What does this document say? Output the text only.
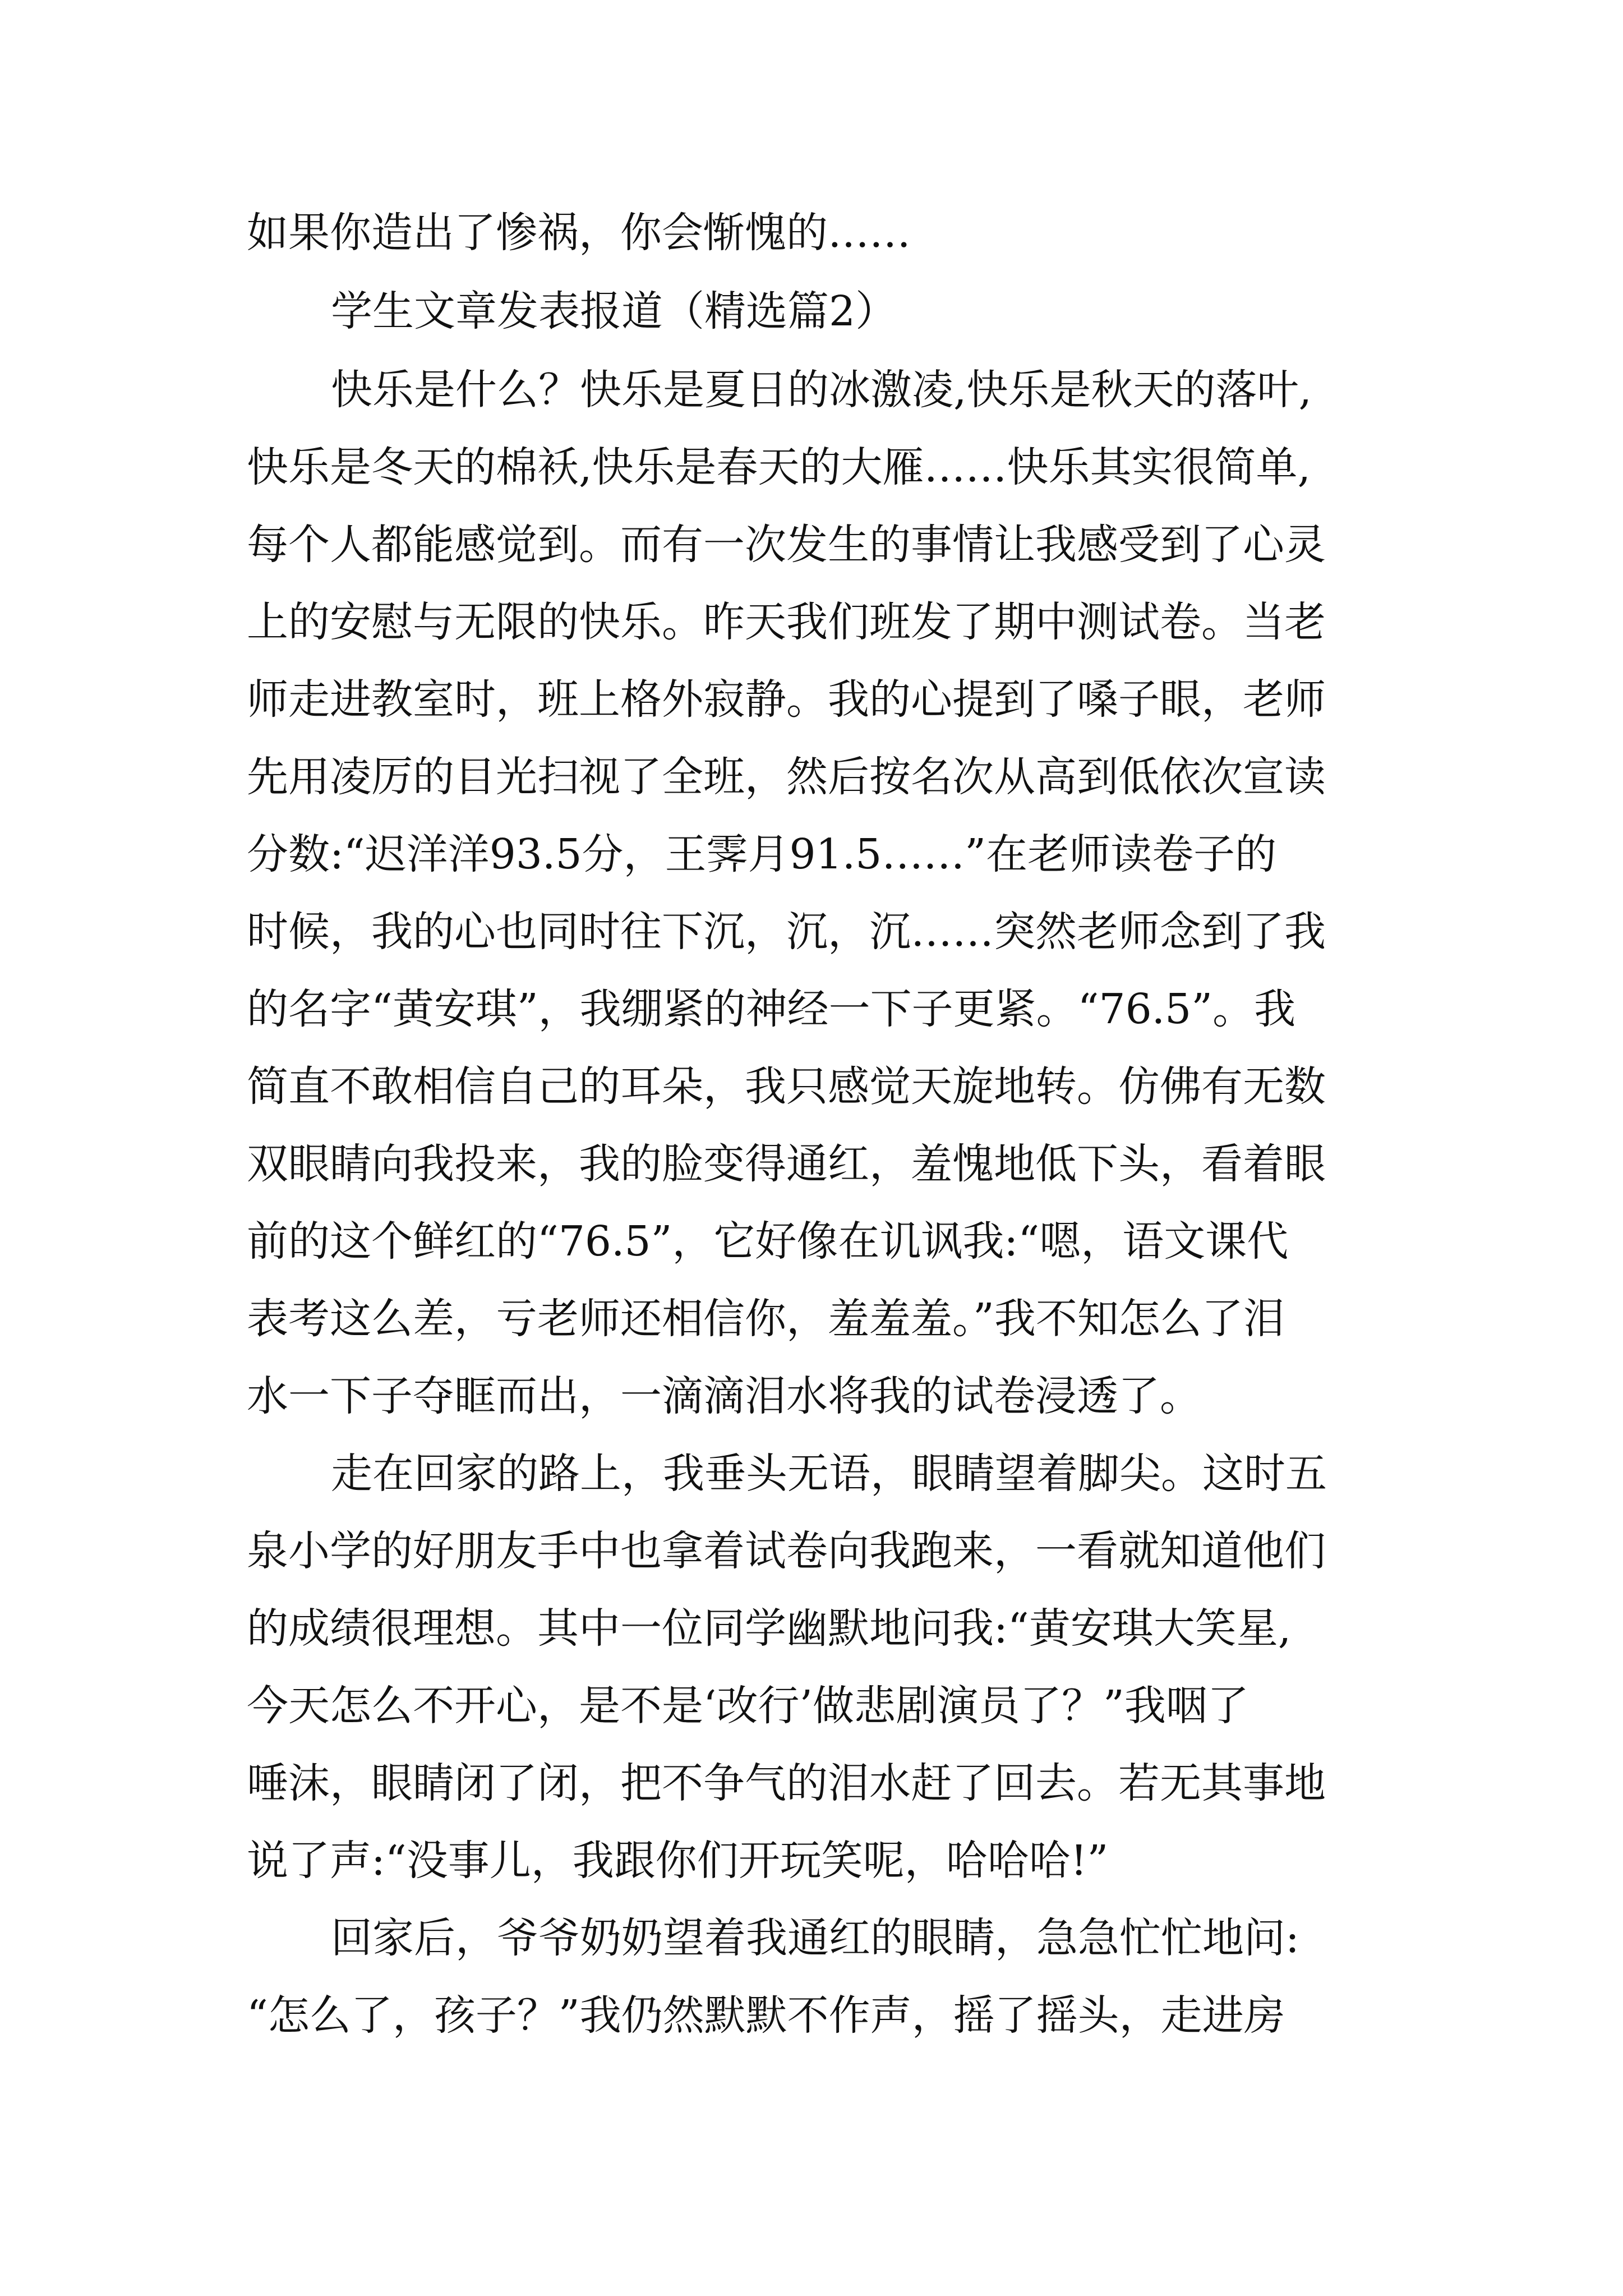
如果你造出了惨祸，你会惭愧的……
学生文章发表报道（精选篇2）
快乐是什么？快乐是夏日的冰激凌,快乐是秋天的落叶,
快乐是冬天的棉袄,快乐是春天的大雁……快乐其实很简单,
每个人都能感觉到。而有一次发生的事情让我感受到了心灵
上的安慰与无限的快乐。昨天我们班发了期中测试卷。当老
师走进教室时，班上格外寂静。我的心提到了嗓子眼，老师
先用凌厉的目光扫视了全班，然后按名次从高到低依次宣读
分数:“迟洋洋93.5分，王霁月91.5……”在老师读卷子的
时候，我的心也同时往下沉，沉，沉……突然老师念到了我
的名字“黄安琪”，我绷紧的神经一下子更紧。“76.5”。我
简直不敢相信自己的耳朵，我只感觉天旋地转。仿佛有无数
双眼睛向我投来，我的脸变得通红，羞愧地低下头，看着眼
前的这个鲜红的“76.5”，它好像在讥讽我:“嗯，语文课代
表考这么差，亏老师还相信你，羞羞羞。”我不知怎么了泪
水一下子夺眶而出，一滴滴泪水将我的试卷浸透了。
走在回家的路上，我垂头无语，眼睛望着脚尖。这时五
泉小学的好朋友手中也拿着试卷向我跑来，一看就知道他们
的成绩很理想。其中一位同学幽默地问我:“黄安琪大笑星,
今天怎么不开心，是不是‘改行’做悲剧演员了？”我咽了
唾沫，眼睛闭了闭，把不争气的泪水赶了回去。若无其事地
说了声:“没事儿，我跟你们开玩笑呢，哈哈哈!”
回家后，爷爷奶奶望着我通红的眼睛，急急忙忙地问:
“怎么了，孩子？”我仍然默默不作声，摇了摇头，走进房
